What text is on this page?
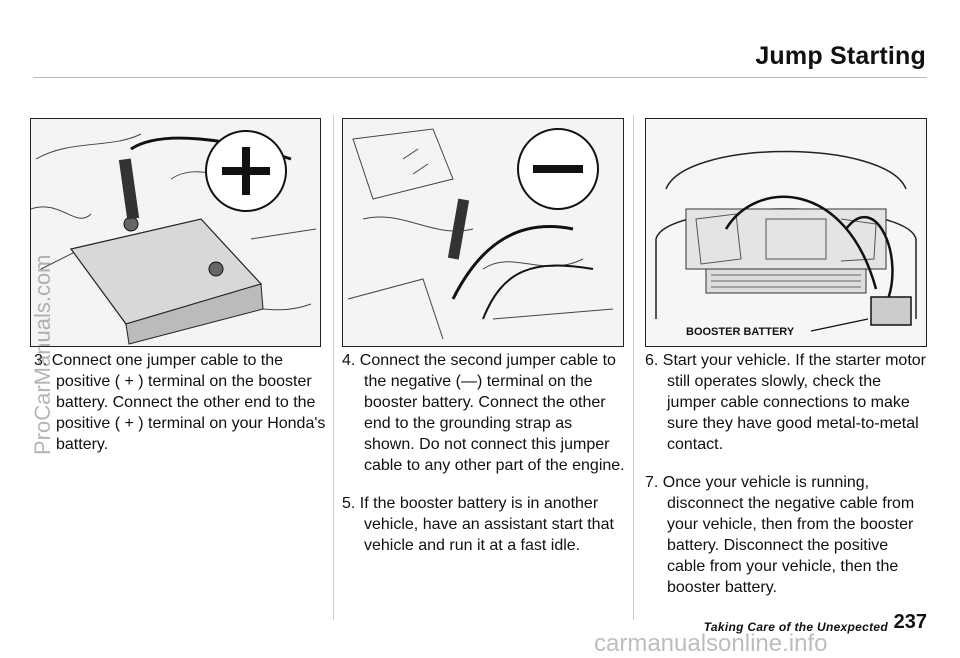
Jump Starting
BOOSTER BATTERY

3. Connect one jumper cable to the positive ( + ) terminal on the booster battery. Connect the other end to the positive ( + ) terminal on your Honda's battery.

4. Connect the second jumper cable to the negative (—) terminal on the booster battery. Connect the other end to the grounding strap as shown. Do not connect this jumper cable to any other part of the engine.

5. If the booster battery is in another vehicle, have an assistant start that vehicle and run it at a fast idle.

6. Start your vehicle. If the starter motor still operates slowly, check the jumper cable connections to make sure they have good metal-to-metal contact.

7. Once your vehicle is running, disconnect the negative cable from your vehicle, then from the booster battery. Disconnect the positive cable from your vehicle, then the booster battery.

Taking Care of the Unexpected 237
ProCarManuals.com
carmanualsonline.info
